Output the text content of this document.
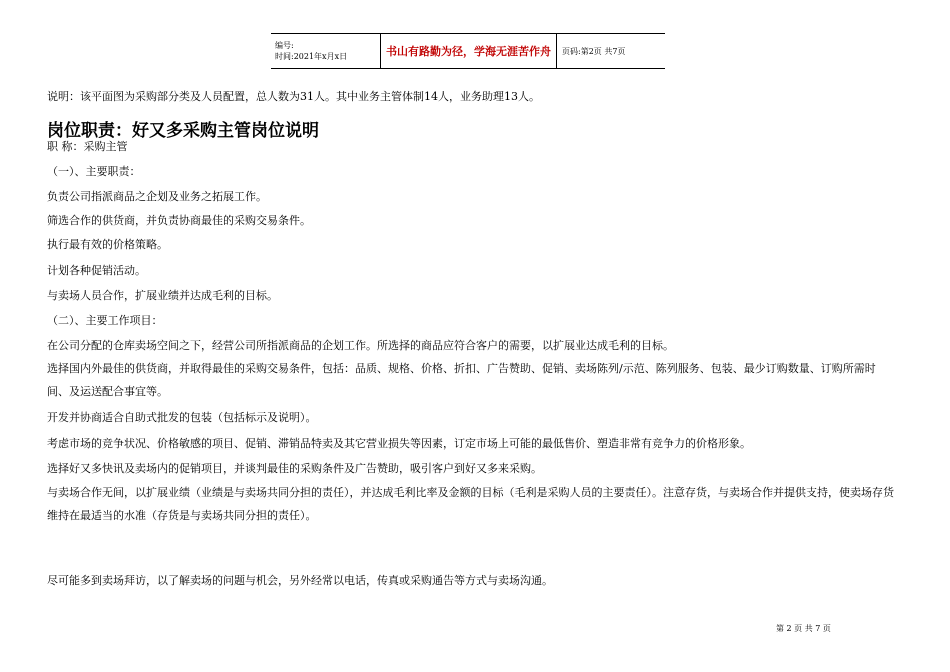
编号:
时间:2021年x月x日	书山有路勤为径，学海无涯苦作舟	页码:第2页 共7页
说明：该平面图为采购部分类及人员配置，总人数为31人。其中业务主管体制14人，业务助理13人。
岗位职责：好又多采购主管岗位说明
职 称：采购主管
（一）、主要职责：
负责公司指派商品之企划及业务之拓展工作。
筛选合作的供货商，并负责协商最佳的采购交易条件。
执行最有效的价格策略。
计划各种促销活动。
与卖场人员合作，扩展业绩并达成毛利的目标。
（二）、主要工作项目：
在公司分配的仓库卖场空间之下，经营公司所指派商品的企划工作。所选择的商品应符合客户的需要，以扩展业达成毛利的目标。
选择国内外最佳的供货商，并取得最佳的采购交易条件，包括：品质、规格、价格、折扣、广告赞助、促销、卖场陈列/示范、陈列服务、包装、最少订购数量、订购所需时间、及运送配合事宜等。
开发并协商适合自助式批发的包装（包括标示及说明）。
考虑市场的竞争状况、价格敏感的项目、促销、滞销品特卖及其它营业损失等因素，订定市场上可能的最低售价、塑造非常有竞争力的价格形象。
选择好又多快讯及卖场内的促销项目，并谈判最佳的采购条件及广告赞助，吸引客户到好又多来采购。
与卖场合作无间，以扩展业绩（业绩是与卖场共同分担的责任），并达成毛利比率及金额的目标（毛利是采购人员的主要责任）。注意存货，与卖场合作并提供支持，使卖场存货维持在最适当的水准（存货是与卖场共同分担的责任）。
尽可能多到卖场拜访，以了解卖场的问题与机会，另外经常以电话，传真或采购通告等方式与卖场沟通。
第 2 页 共 7 页
